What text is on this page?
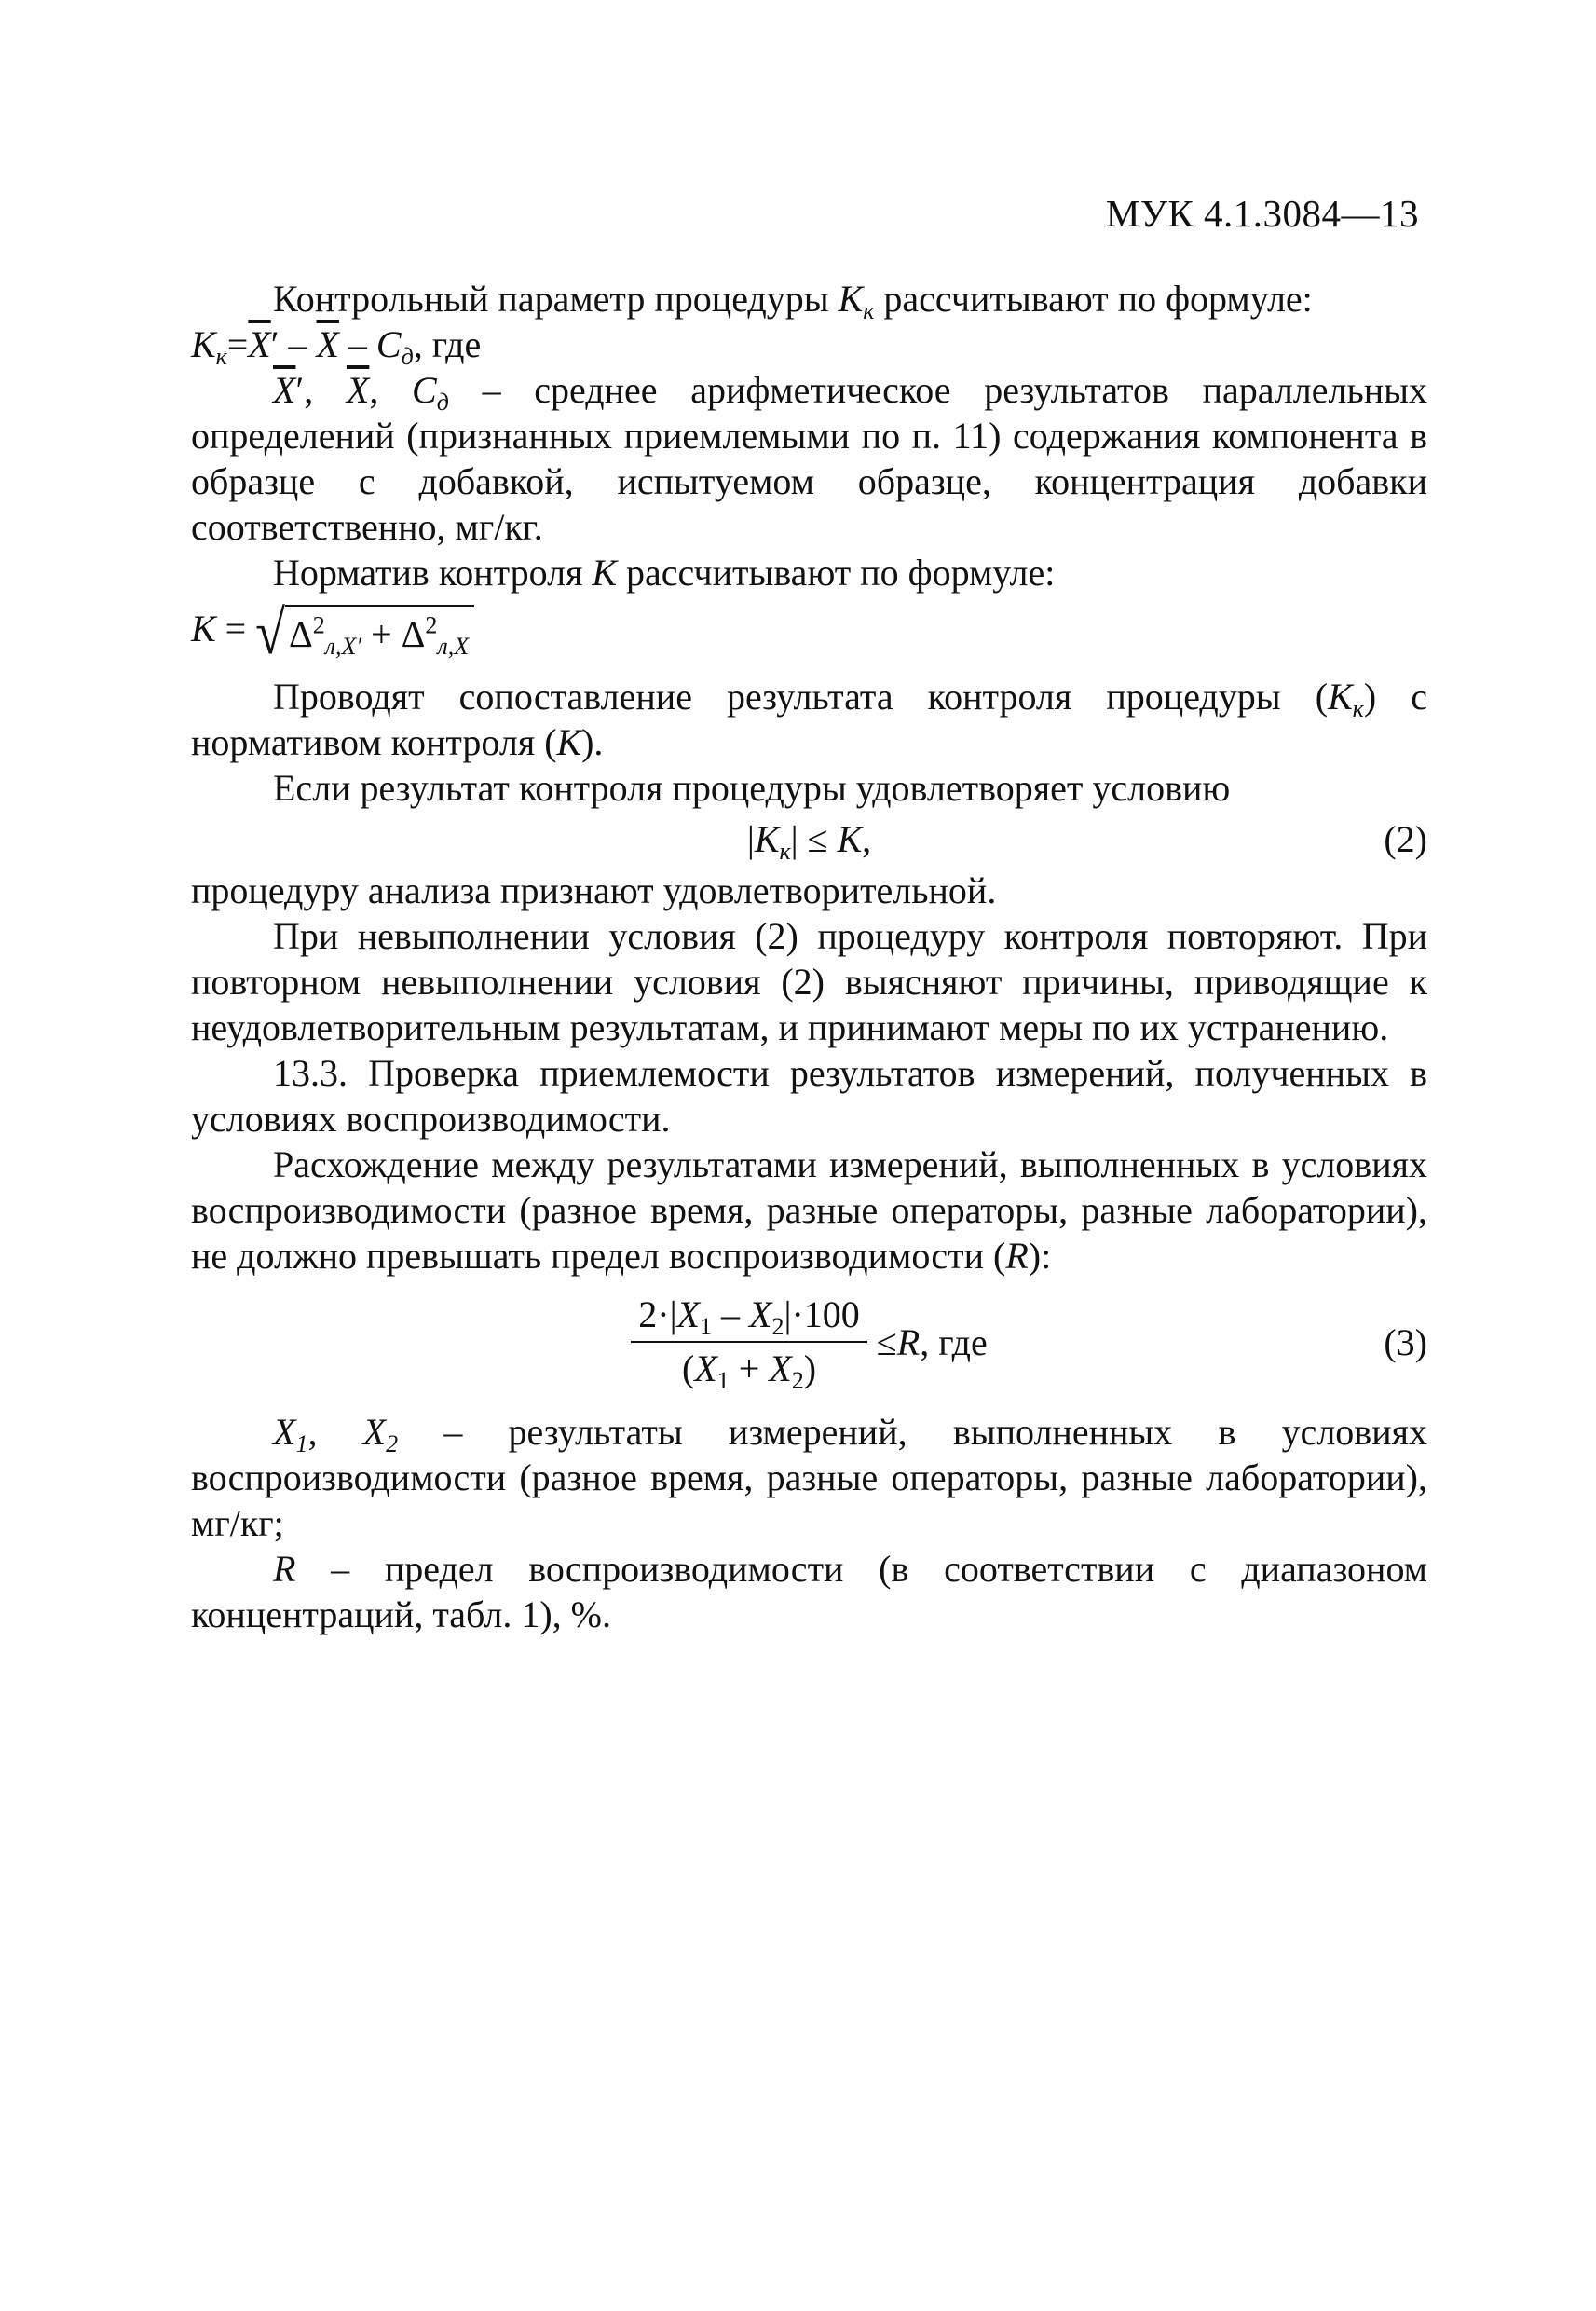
МУК 4.1.3084—13

Контрольный параметр процедуры $К_к$ рассчитывают по формуле:

$К_к=\overline{X}' - \overline{X} - С_д$, где

$\overline{X}'$, $\overline{X}$, $С_д$ – среднее арифметическое результатов параллельных определений (признанных приемлемыми по п. 11) содержания компонента в образце с добавкой, испытуемом образце, концентрация добавки соответственно, мг/кг.

Норматив контроля К рассчитывают по формуле:

К = √ $\Delta^2_{л,X'} + \Delta^2_{л,X}$

Проводят сопоставление результата контроля процедуры $(К_к)$ с нормативом контроля (К).

Если результат контроля процедуры удовлетворяет условию

$|К_к| \le К$,	(2)

процедуру анализа признают удовлетворительной.

При невыполнении условия (2) процедуру контроля повторяют. При повторном невыполнении условия (2) выясняют причины, приводящие к неудовлетворительным результатам, и принимают меры по их устранению.

13.3. Проверка приемлемости результатов измерений, полученных в условиях воспроизводимости.

Расхождение между результатами измерений, выполненных в условиях воспроизводимости (разное время, разные операторы, разные лаборатории), не должно превышать предел воспроизводимости (R):

$\frac{2\cdot|X_1 - X_2|\cdot 100}{(X_1 + X_2)} \le R$ , где	(3)

$X_1$, $X_2$ – результаты измерений, выполненных в условиях воспроизводимости (разное время, разные операторы, разные лаборатории), мг/кг;

R – предел воспроизводимости (в соответствии с диапазоном концентраций, табл. 1), %.
